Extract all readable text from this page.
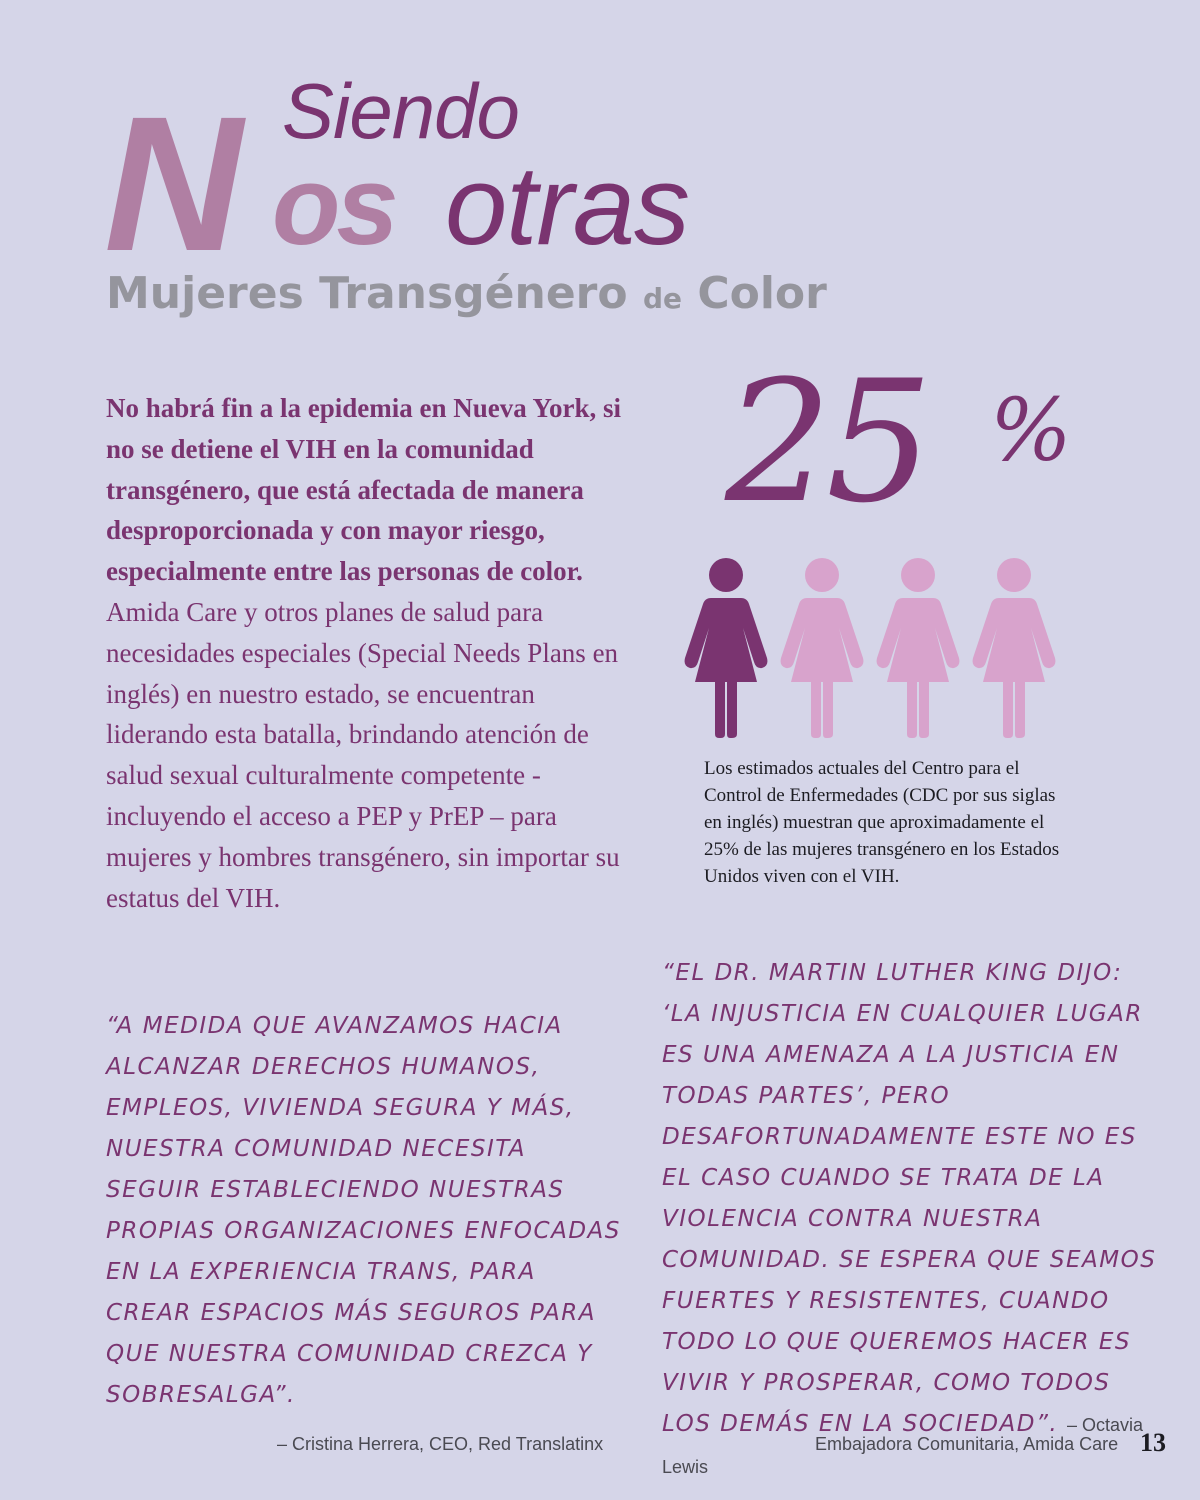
N os
Siendo
otras
Mujeres Transgénero de Color
No habrá fin a la epidemia en Nueva York, si no se detiene el VIH en la comunidad transgénero, que está afectada de manera desproporcionada y con mayor riesgo, especialmente entre las personas de color. Amida Care y otros planes de salud para necesidades especiales (Special Needs Plans en inglés) en nuestro estado, se encuentran liderando esta batalla, brindando atención de salud sexual culturalmente competente - incluyendo el acceso a PEP y PrEP – para mujeres y hombres transgénero, sin importar su estatus del VIH.
25 %
Los estimados actuales del Centro para el Control de Enfermedades (CDC por sus siglas en inglés) muestran que aproximadamente el 25% de las mujeres transgénero en los Estados Unidos viven con el VIH.
“A MEDIDA QUE AVANZAMOS HACIA ALCANZAR DERECHOS HUMANOS, EMPLEOS, VIVIENDA SEGURA Y MÁS, NUESTRA COMUNIDAD NECESITA SEGUIR ESTABLECIENDO NUESTRAS PROPIAS ORGANIZACIONES ENFOCADAS EN LA EXPERIENCIA TRANS, PARA CREAR ESPACIOS MÁS SEGUROS PARA QUE NUESTRA COMUNIDAD CREZCA Y SOBRESALGA”.
– Cristina Herrera, CEO, Red Translatinx
“EL DR. MARTIN LUTHER KING DIJO: ‘LA INJUSTICIA EN CUALQUIER LUGAR ES UNA AMENAZA A LA JUSTICIA EN TODAS PARTES’, PERO DESAFORTUNADAMENTE ESTE NO ES EL CASO CUANDO SE TRATA DE LA VIOLENCIA CONTRA NUESTRA COMUNIDAD. SE ESPERA QUE SEAMOS FUERTES Y RESISTENTES, CUANDO TODO LO QUE QUEREMOS HACER ES VIVIR Y PROSPERAR, COMO TODOS LOS DEMÁS EN LA SOCIEDAD”. – Octavia Lewis
Embajadora Comunitaria, Amida Care 13
